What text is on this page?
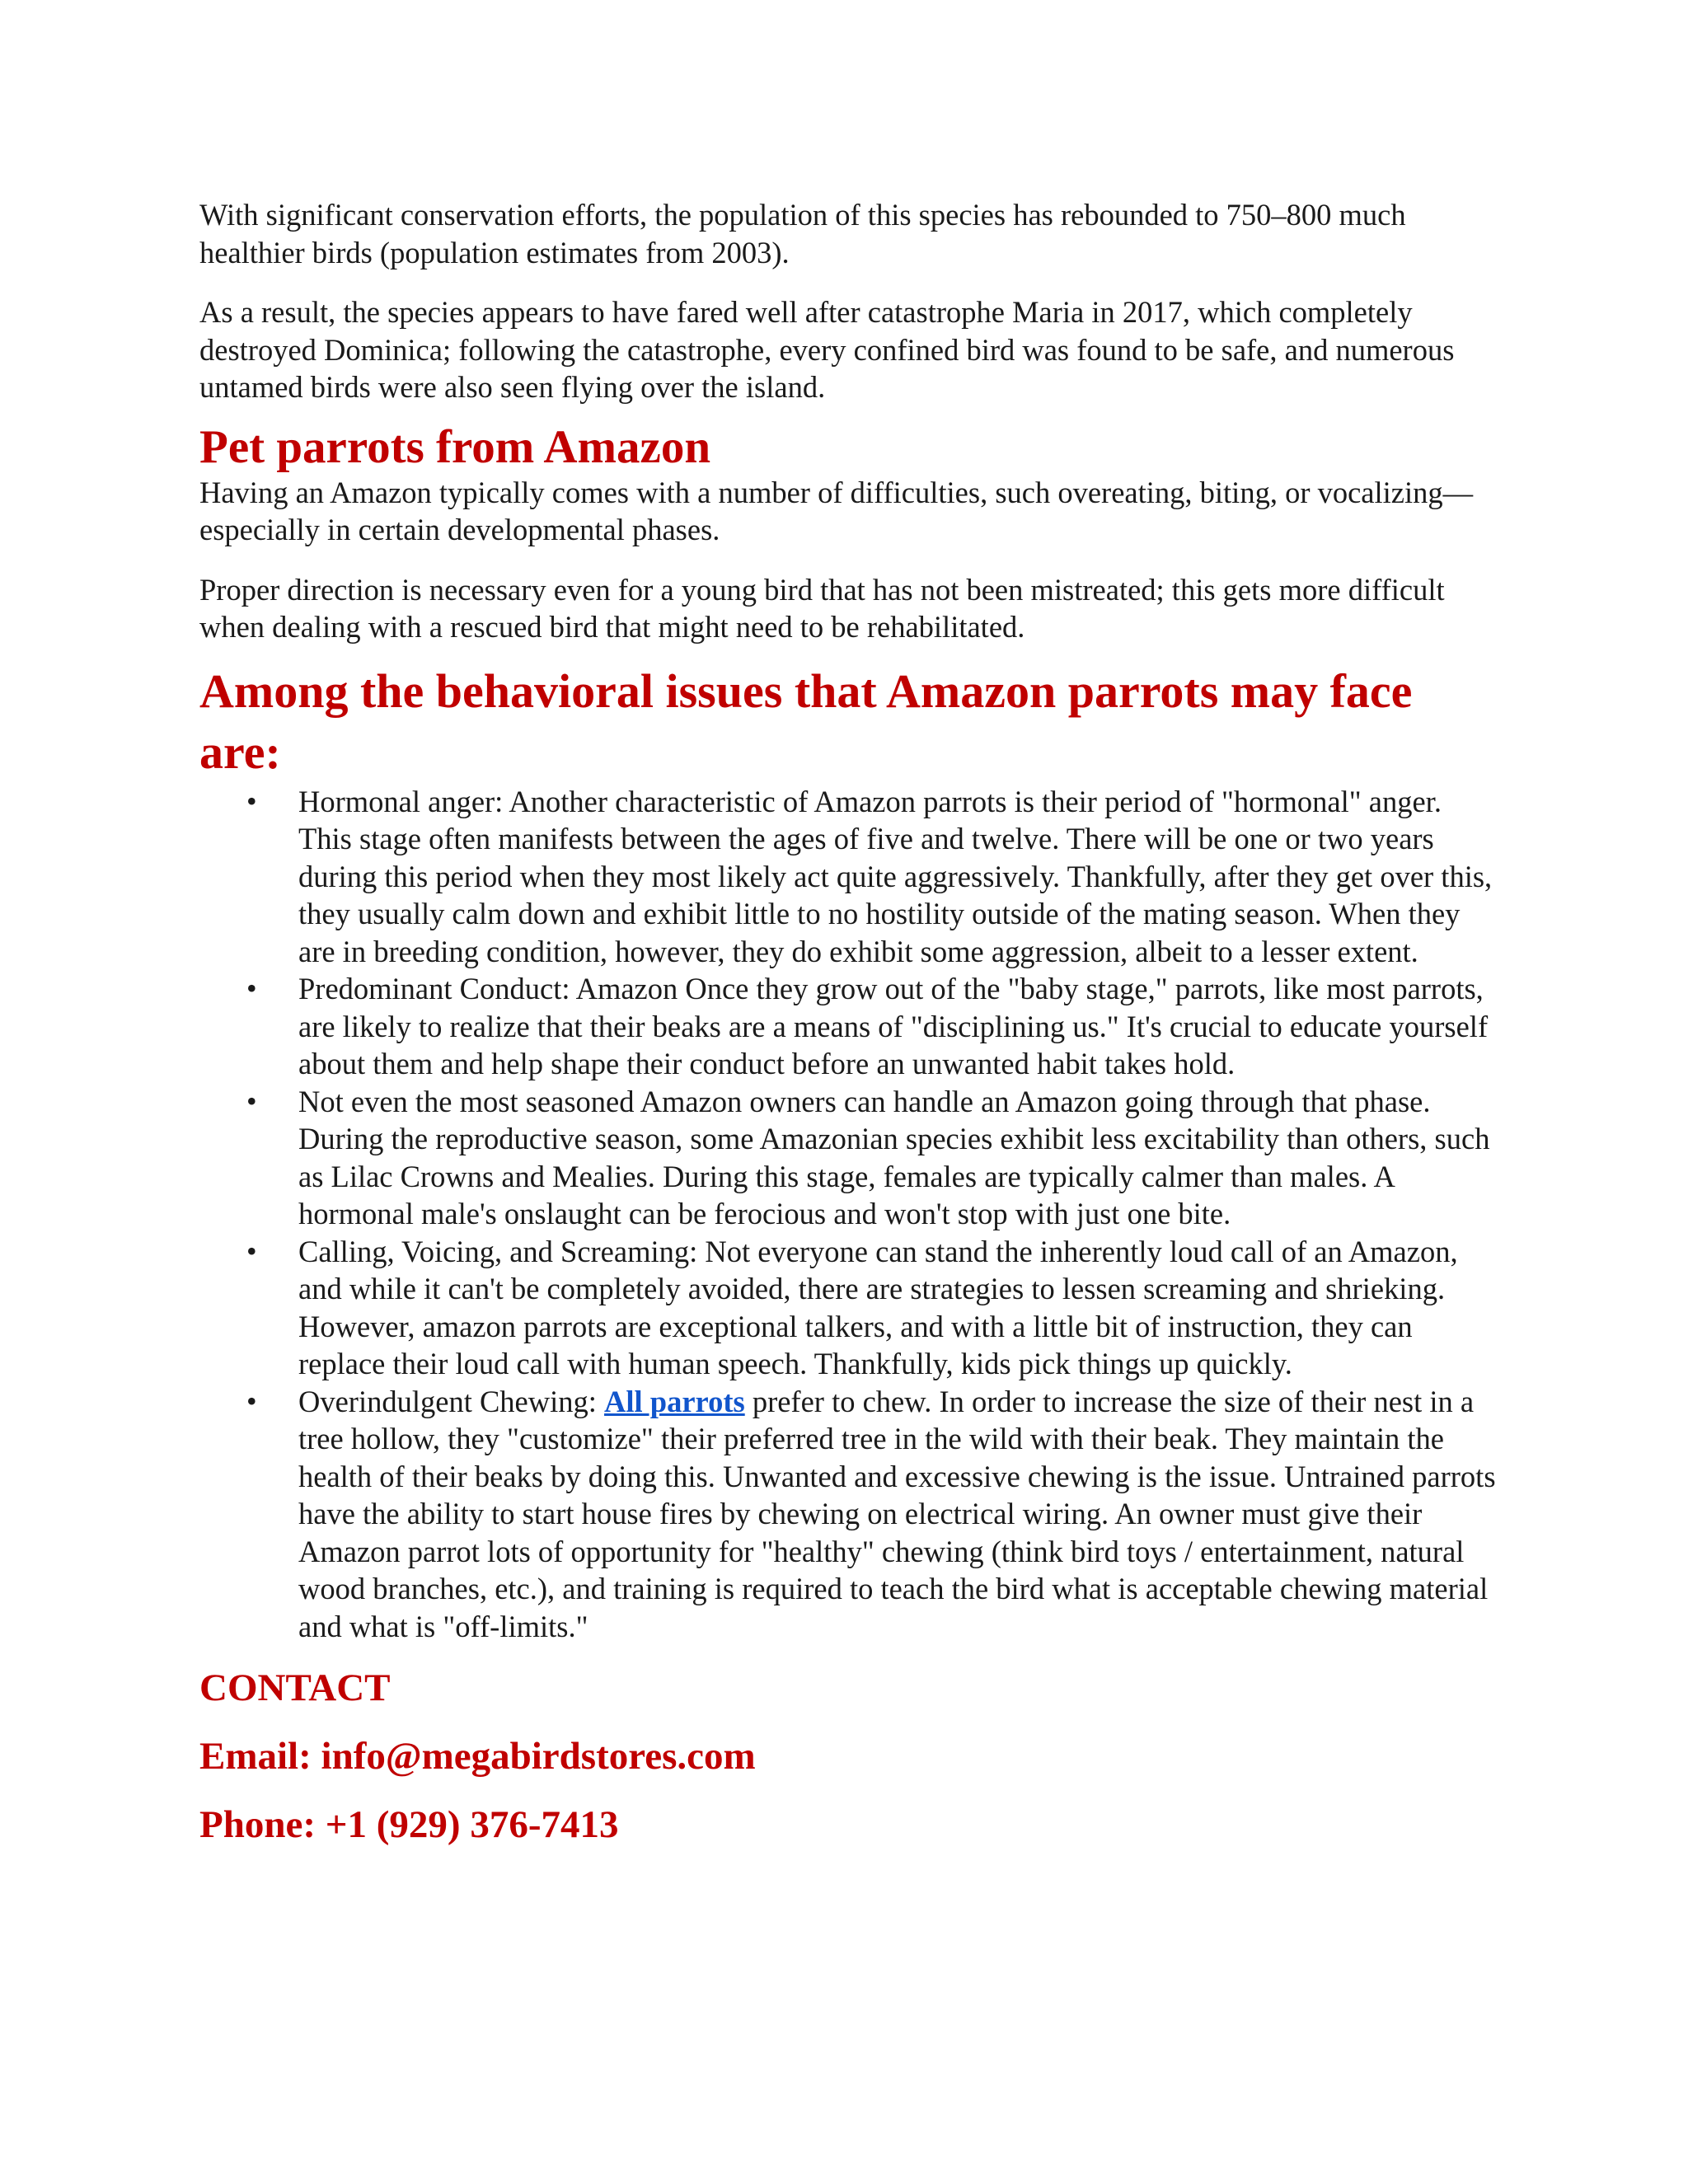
With significant conservation efforts, the population of this species has rebounded to 750–800 much healthier birds (population estimates from 2003).

As a result, the species appears to have fared well after catastrophe Maria in 2017, which completely destroyed Dominica; following the catastrophe, every confined bird was found to be safe, and numerous untamed birds were also seen flying over the island.

Pet parrots from Amazon

Having an Amazon typically comes with a number of difficulties, such overeating, biting, or vocalizing—especially in certain developmental phases.

Proper direction is necessary even for a young bird that has not been mistreated; this gets more difficult when dealing with a rescued bird that might need to be rehabilitated.

Among the behavioral issues that Amazon parrots may face are:
• Hormonal anger: Another characteristic of Amazon parrots is their period of "hormonal" anger. This stage often manifests between the ages of five and twelve. There will be one or two years during this period when they most likely act quite aggressively. Thankfully, after they get over this, they usually calm down and exhibit little to no hostility outside of the mating season. When they are in breeding condition, however, they do exhibit some aggression, albeit to a lesser extent.
• Predominant Conduct: Amazon Once they grow out of the "baby stage," parrots, like most parrots, are likely to realize that their beaks are a means of "disciplining us." It's crucial to educate yourself about them and help shape their conduct before an unwanted habit takes hold.
• Not even the most seasoned Amazon owners can handle an Amazon going through that phase. During the reproductive season, some Amazonian species exhibit less excitability than others, such as Lilac Crowns and Mealies. During this stage, females are typically calmer than males. A hormonal male's onslaught can be ferocious and won't stop with just one bite.
• Calling, Voicing, and Screaming: Not everyone can stand the inherently loud call of an Amazon, and while it can't be completely avoided, there are strategies to lessen screaming and shrieking. However, amazon parrots are exceptional talkers, and with a little bit of instruction, they can replace their loud call with human speech. Thankfully, kids pick things up quickly.
• Overindulgent Chewing: All parrots prefer to chew. In order to increase the size of their nest in a tree hollow, they "customize" their preferred tree in the wild with their beak. They maintain the health of their beaks by doing this. Unwanted and excessive chewing is the issue. Untrained parrots have the ability to start house fires by chewing on electrical wiring. An owner must give their Amazon parrot lots of opportunity for "healthy" chewing (think bird toys / entertainment, natural wood branches, etc.), and training is required to teach the bird what is acceptable chewing material and what is "off-limits."

CONTACT

Email: info@megabirdstores.com

Phone: +1 (929) 376-7413
